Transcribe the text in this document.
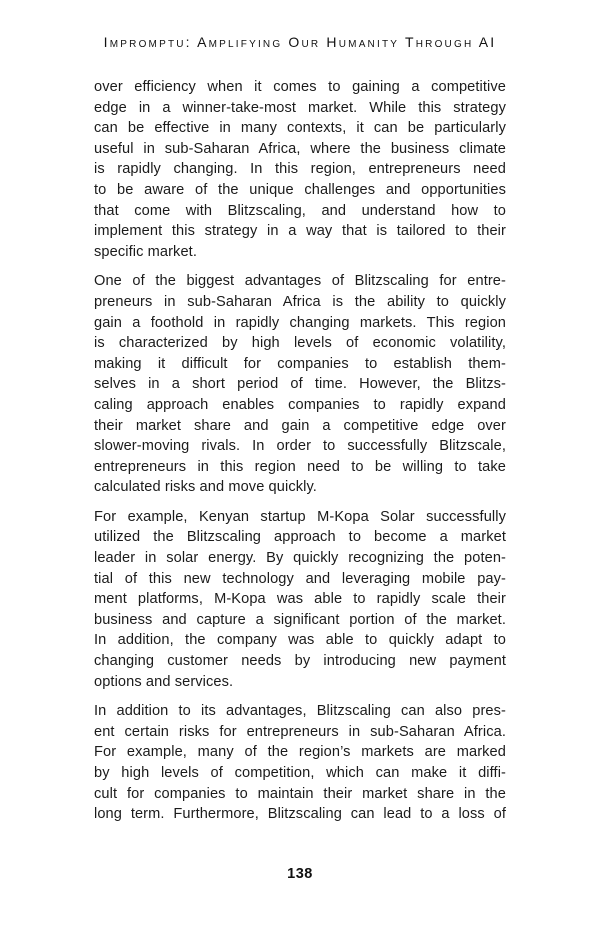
Impromptu: Amplifying Our Humanity Through AI
over efficiency when it comes to gaining a competitive
edge in a winner-take-most market. While this strategy
can be effective in many contexts, it can be particularly
useful in sub-Saharan Africa, where the business climate
is rapidly changing. In this region, entrepreneurs need
to be aware of the unique challenges and opportunities
that come with Blitzscaling, and understand how to
implement this strategy in a way that is tailored to their
specific market.
One of the biggest advantages of Blitzscaling for entre-
preneurs in sub-Saharan Africa is the ability to quickly
gain a foothold in rapidly changing markets. This region
is characterized by high levels of economic volatility,
making it difficult for companies to establish them-
selves in a short period of time. However, the Blitzs-
caling approach enables companies to rapidly expand
their market share and gain a competitive edge over
slower-moving rivals. In order to successfully Blitzscale,
entrepreneurs in this region need to be willing to take
calculated risks and move quickly.
For example, Kenyan startup M-Kopa Solar successfully
utilized the Blitzscaling approach to become a market
leader in solar energy. By quickly recognizing the poten-
tial of this new technology and leveraging mobile pay-
ment platforms, M-Kopa was able to rapidly scale their
business and capture a significant portion of the market.
In addition, the company was able to quickly adapt to
changing customer needs by introducing new payment
options and services.
In addition to its advantages, Blitzscaling can also pres-
ent certain risks for entrepreneurs in sub-Saharan Africa.
For example, many of the region’s markets are marked
by high levels of competition, which can make it diffi-
cult for companies to maintain their market share in the
long term. Furthermore, Blitzscaling can lead to a loss of
138
